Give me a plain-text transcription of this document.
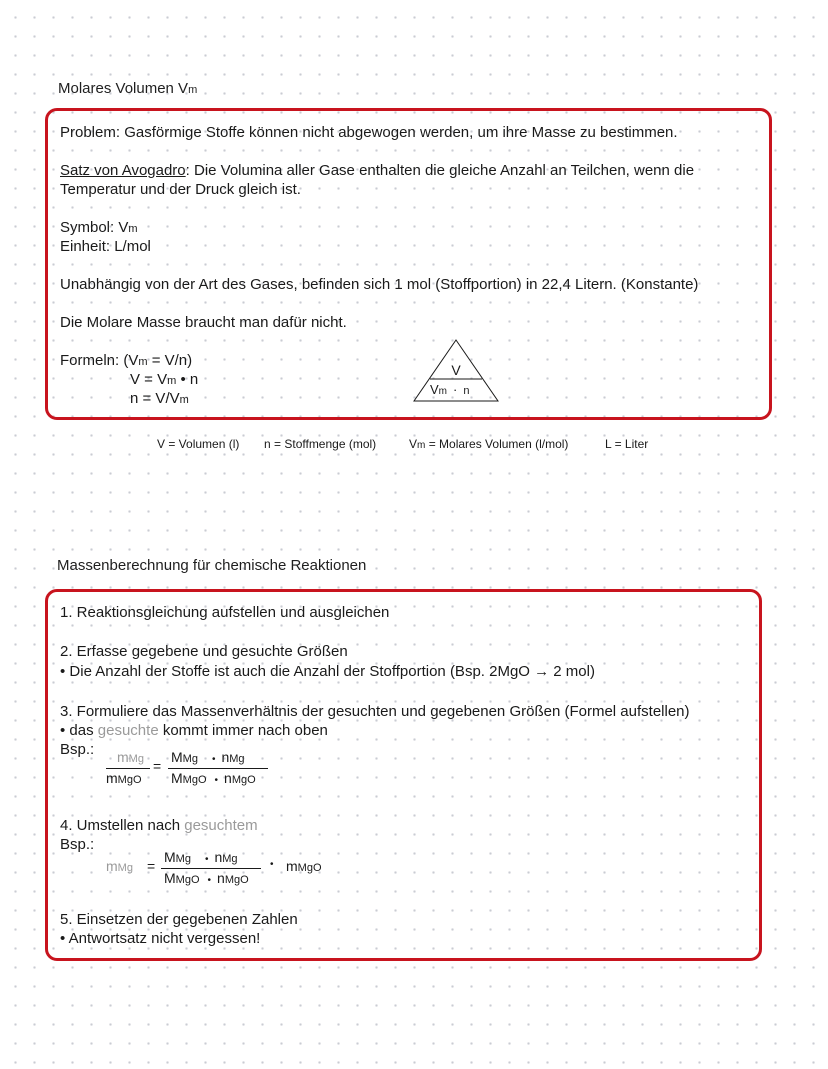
Molares Volumen Vm
Problem: Gasförmige Stoffe können nicht abgewogen werden, um ihre Masse zu bestimmen.
Satz von Avogadro: Die Volumina aller Gase enthalten die gleiche Anzahl an Teilchen, wenn die
Temperatur und der Druck gleich ist.
Symbol: Vm
Einheit: L/mol
Unabhängig von der Art des Gases, befinden sich 1 mol (Stoffportion) in 22,4 Litern. (Konstante)
Die Molare Masse braucht man dafür nicht.
Formeln: (Vm = V/n)
V = Vm • n
n = V/Vm
V
Vm · n
V = Volumen (l) n = Stoffmenge (mol)	Vm = Molares Volumen (l/mol)	L = Liter
Massenberechnung für chemische Reaktionen
1. Reaktionsgleichung aufstellen und ausgleichen
2. Erfasse gegebene und gesuchte Größen
• Die Anzahl der Stoffe ist auch die Anzahl der Stoffportion (Bsp. 2MgO → 2 mol)
3. Formuliere das Massenverhältnis der gesuchten und gegebenen Größen (Formel aufstellen)
• das gesuchte kommt immer nach oben
Bsp.: mMg
mMgO
=
MMg • nMg
MMgO • nMgO
4. Umstellen nach gesuchtem
Bsp.:
mMg =
MMg • nMg
MMgO • nMgO
• mMgO
5. Einsetzen der gegebenen Zahlen
• Antwortsatz nicht vergessen!
